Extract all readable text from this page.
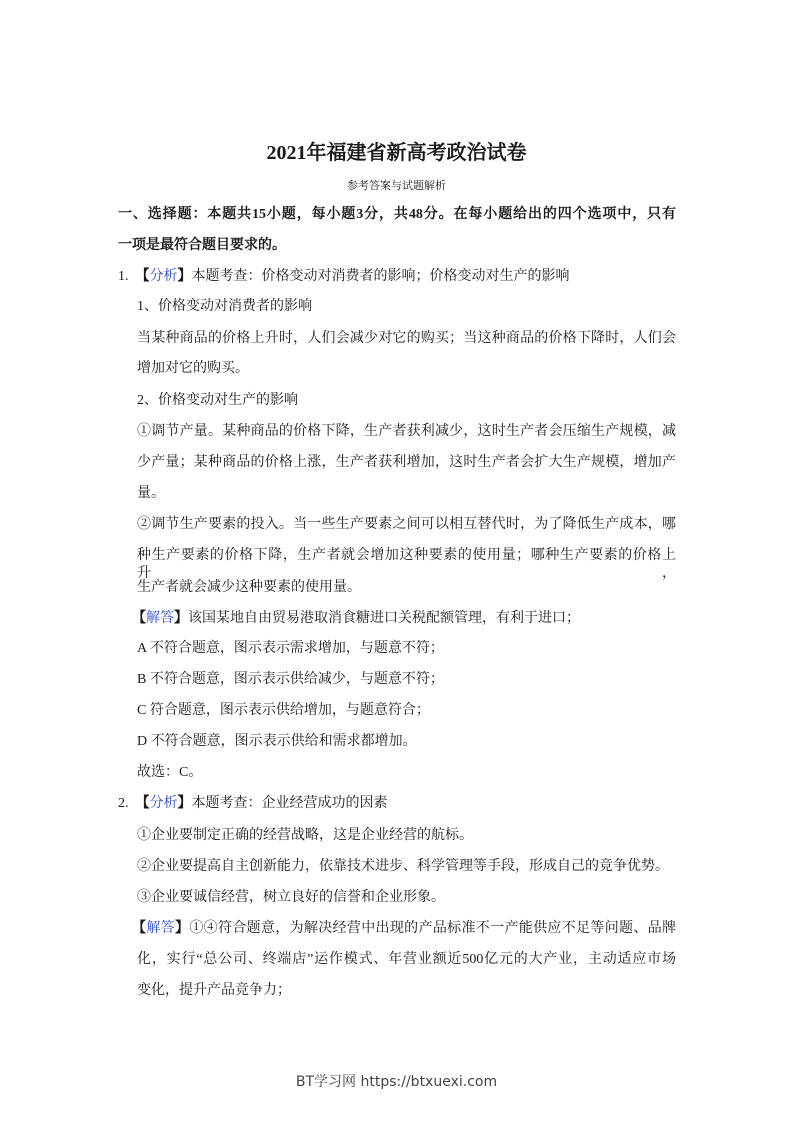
2021年福建省新高考政治试卷
参考答案与试题解析
一、选择题：本题共15小题，每小题3分，共48分。在每小题给出的四个选项中，只有
一项是最符合题目要求的。
1. 【分析】本题考查：价格变动对消费者的影响；价格变动对生产的影响
1、价格变动对消费者的影响
当某种商品的价格上升时，人们会减少对它的购买；当这种商品的价格下降时，人们会
增加对它的购买。
2、价格变动对生产的影响
①调节产量。某种商品的价格下降，生产者获利减少，这时生产者会压缩生产规模，减
少产量；某种商品的价格上涨，生产者获利增加，这时生产者会扩大生产规模，增加产
量。
②调节生产要素的投入。当一些生产要素之间可以相互替代时，为了降低生产成本，哪
种生产要素的价格下降，生产者就会增加这种要素的使用量；哪种生产要素的价格上升，
生产者就会减少这种要素的使用量。
【解答】该国某地自由贸易港取消食糖进口关税配额管理，有利于进口；
A 不符合题意，图示表示需求增加，与题意不符；
B 不符合题意，图示表示供给减少，与题意不符；
C 符合题意，图示表示供给增加，与题意符合；
D 不符合题意，图示表示供给和需求都增加。
故选：C。
2. 【分析】本题考查：企业经营成功的因素
①企业要制定正确的经营战略，这是企业经营的航标。
②企业要提高自主创新能力，依靠技术进步、科学管理等手段，形成自己的竞争优势。
③企业要诚信经营，树立良好的信誉和企业形象。
【解答】①④符合题意，为解决经营中出现的产品标准不一产能供应不足等问题、品牌
化，实行“总公司、终端店”运作模式、年营业额近500亿元的大产业，主动适应市场
变化，提升产品竞争力；
BT学习网 https://btxuexi.com
